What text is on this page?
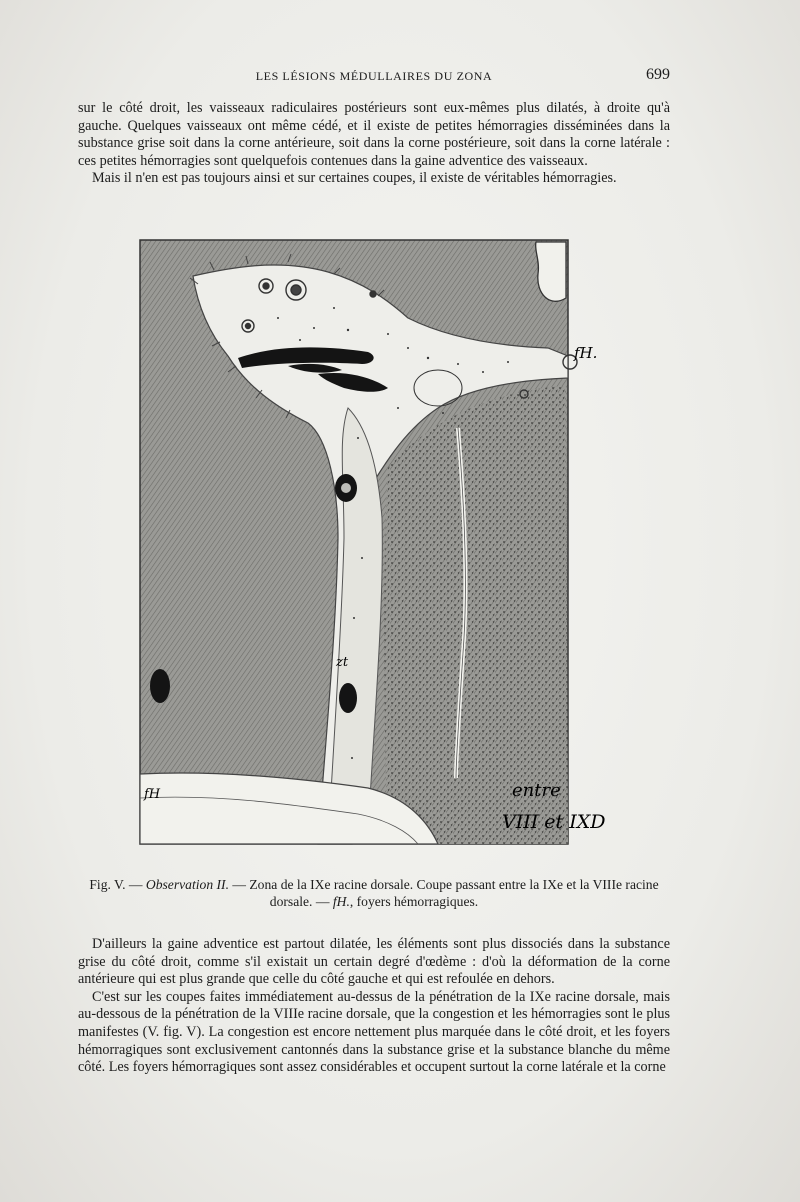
LES LÉSIONS MÉDULLAIRES DU ZONA	699

sur le côté droit, les vaisseaux radiculaires postérieurs sont eux-mêmes plus dilatés, à droite qu'à gauche. Quelques vaisseaux ont même cédé, et il existe de petites hémorragies disséminées dans la substance grise soit dans la corne antérieure, soit dans la corne postérieure, soit dans la corne latérale : ces petites hémorragies sont quelquefois contenues dans la gaine adventice des vaisseaux.

Mais il n'en est pas toujours ainsi et sur certaines coupes, il existe de véritables hémorragies.

fH.
fH
zt
entre
VIII et IXD
Fig. V. — Observation II. — Zona de la IXe racine dorsale. Coupe passant entre la IXe et la VIIIe racine dorsale. — fH., foyers hémorragiques.

D'ailleurs la gaine adventice est partout dilatée, les éléments sont plus dissociés dans la substance grise du côté droit, comme s'il existait un certain degré d'œdème : d'où la déformation de la corne antérieure qui est plus grande que celle du côté gauche et qui est refoulée en dehors.

C'est sur les coupes faites immédiatement au-dessus de la pénétration de la IXe racine dorsale, mais au-dessous de la pénétration de la VIIIe racine dorsale, que la congestion et les hémorragies sont le plus manifestes (V. fig. V). La congestion est encore nettement plus marquée dans le côté droit, et les foyers hémorragiques sont exclusivement cantonnés dans la substance grise et la substance blanche du même côté. Les foyers hémorragiques sont assez considérables et occupent surtout la corne latérale et la corne
